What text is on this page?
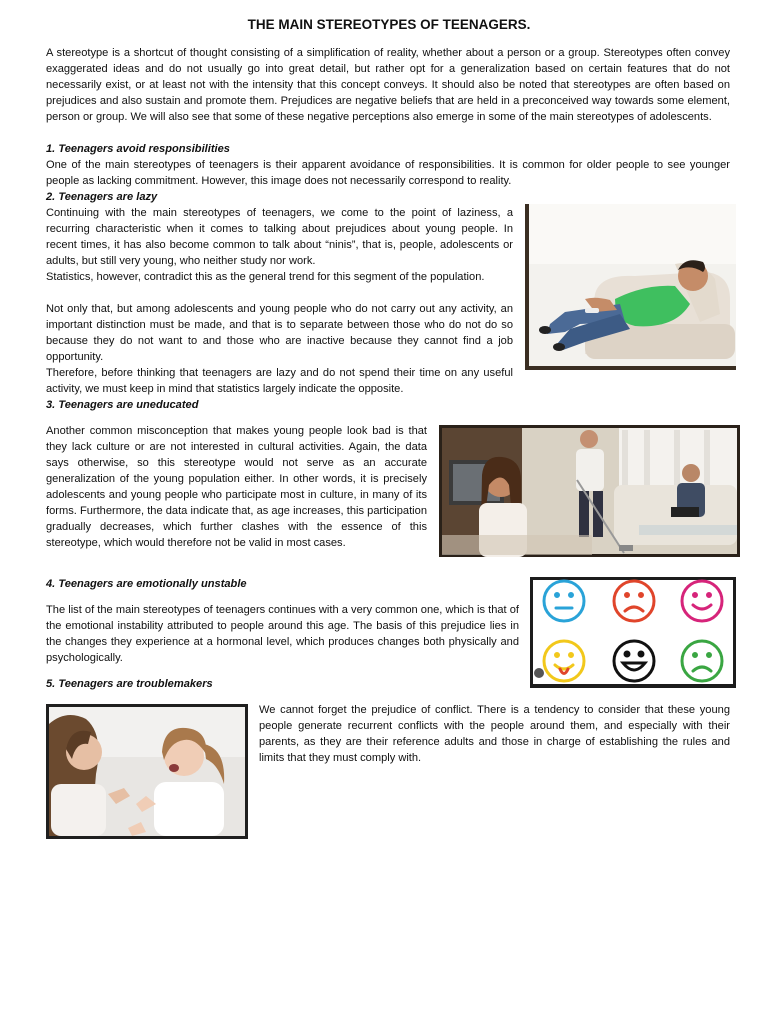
THE MAIN STEREOTYPES OF TEENAGERS.

A stereotype is a shortcut of thought consisting of a simplification of reality, whether about a person or a group. Stereotypes often convey exaggerated ideas and do not usually go into great detail, but rather opt for a generalization based on certain features that do not necessarily exist, or at least not with the intensity that this concept conveys. It should also be noted that stereotypes are often based on prejudices and also sustain and promote them. Prejudices are negative beliefs that are held in a preconceived way towards some element, person or group. We will also see that some of these negative perceptions also emerge in some of the main stereotypes of adolescents.

1. Teenagers avoid responsibilities

One of the main stereotypes of teenagers is their apparent avoidance of responsibilities. It is common for older people to see younger people as lacking commitment. However, this image does not necessarily correspond to reality.

2. Teenagers are lazy

Continuing with the main stereotypes of teenagers, we come to the point of laziness, a recurring characteristic when it comes to talking about prejudices about young people. In recent times, it has also become common to talk about “ninis”, that is, people, adolescents or adults, but still very young, who neither study nor work.

Statistics, however, contradict this as the general trend for this segment of the population.

Not only that, but among adolescents and young people who do not carry out any activity, an important distinction must be made, and that is to separate between those who do not do so because they do not want to and those who are inactive because they cannot find a job opportunity.

Therefore, before thinking that teenagers are lazy and do not spend their time on any useful activity, we must keep in mind that statistics largely indicate the opposite.

3. Teenagers are uneducated

Another common misconception that makes young people look bad is that they lack culture or are not interested in cultural activities. Again, the data says otherwise, so this stereotype would not serve as an accurate generalization of the young population either. In other words, it is precisely adolescents and young people who participate most in culture, in many of its forms. Furthermore, the data indicate that, as age increases, this participation gradually decreases, which further clashes with the essence of this stereotype, which would therefore not be valid in most cases.

4. Teenagers are emotionally unstable

The list of the main stereotypes of teenagers continues with a very common one, which is that of the emotional instability attributed to people around this age. The basis of this prejudice lies in the changes they experience at a hormonal level, which produces changes both physically and psychologically.

5. Teenagers are troublemakers

We cannot forget the prejudice of conflict. There is a tendency to consider that these young people generate recurrent conflicts with the people around them, and especially with their parents, as they are their reference adults and those in charge of establishing the rules and limits that they must comply with.
